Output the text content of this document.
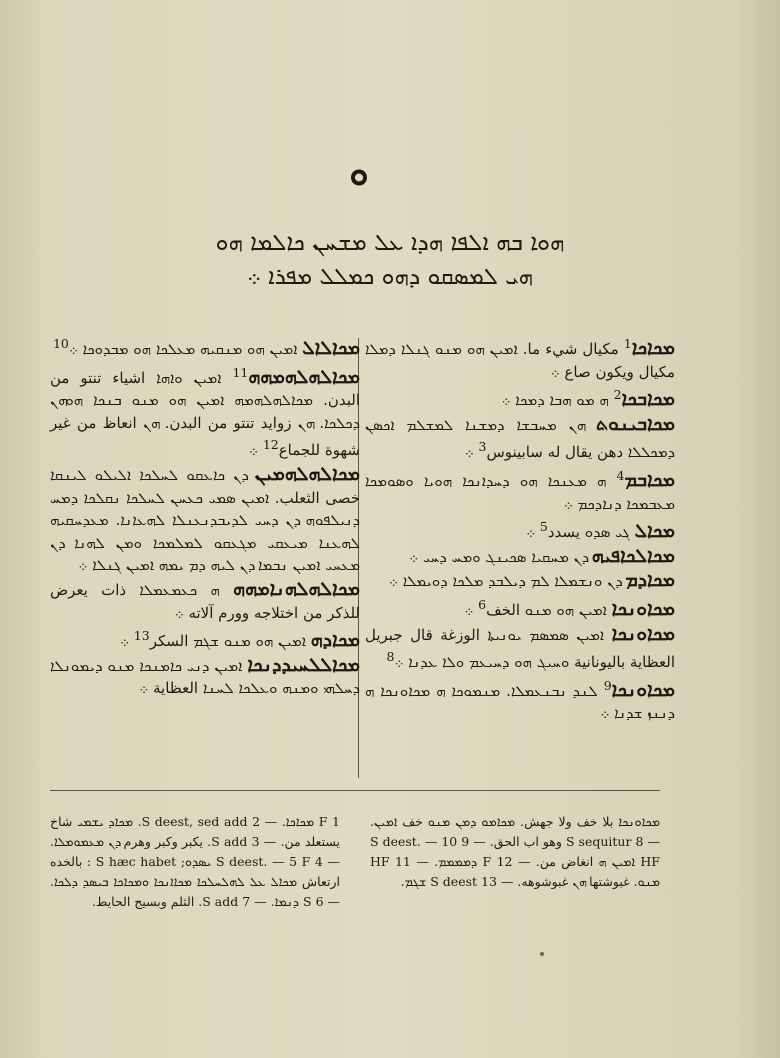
ܘ
ܗܘܐ ܒܗ ܐܠܦܐ ܗܕܐ ܥܠ ܡܫܚܢ ܟܐܠܡܐ ܗܘ
ܗܝ ܠܡܣܩܘ ܕܗܘ ܟܡܠܠ ܡܦܪܐ ܀
ܡܟܐܟܐ$^1$ مكيال شيء ما. ܐܡܝܢ ܗܘ ܡܢܘ ܓܢܠܐ ܕܡܠܐ مكيال ويكون صاع ܀
ܡܟܐܒܟܐ$^2$ ܗ ܡܘ ܗܒܐ ܕܡܟܐ ܀
ܡܟܐܒܝܢܘܬ ܗܢ ܡܚܒܫܐ ܕܡܫܢܐ ܠܡܫܠܡ ܐܟܣܢ ܕܡܟܠܠܐ دهن يقال له سابينوس$^3$ ܀
ܡܟܐܒܡ$^4$ ܗ ܡܥܢܟܐ ܗܘ ܕܚܕܐܢܟܐ ܗܘܝܐ ܘܣܘܡܟܐ ܡܥܒܡܟܐ ܕܢܐܕܟܡ ܀
ܡܟܐܠ ܓܝ ܣܕܘ يسدد$^5$ ܀
ܡܟܐܠܟܐܦܝܗ ܕܢ ܡܚܩܝܐ ܣܟܝܢܓ ܘܡܚ ܕܚܝ ܀
ܡܟܐܕܡ ܕܢ ܘܢܫܡܠܐ ܠܡ ܕܝܠܒܕ ܡܠܟܐ ܕܘܝܡܠܐ ܀
ܡܟܐܘܢܟܐ ܐܡܝܢ ܗܘ ܡܢܘ الخف$^6$ ܀
ܡܟܐܘܢܟܐ ܐܡܝܢ ܣܡܣܡ ܝܘܢܝܬܐ الوزغة قال جبريل العظاية باليونانية ܘܚܝܓ ܗܘ ܕܚܝܥܡ ܘܠܐ ܥܕܢܐ ܀$^8$
ܡܟܐܘܢܟܐ$^9$ ܠܢܕ ܢܒܢܥܡܠܐ. ܡܢܡܘܟܐ ܗ ܡܟܐܘܢܟܐ ܗ ܕܢܢܙ ܫܕܢܐ ܀
ܡܟܐܠܐܠ ܐܡܝܢ ܗܘ ܡܢܩܝܗ ܡܥܠܟܐ ܗܘ ܡܒܕܘܟܐ ܀$^{10}$
ܡܟܐܠܗܠܗܡܗܗ$^{11}$ ܐܡܝܢ ܘܐܗܐ اشياء تنتو من البدن. ܡܟܐܠܗܠܗܡܗ ܐܡܝܢ ܗܘ ܡܢܘ ܒܢܟܐ ܗܘܗܢ ܕܟܠܟܐ. ܗܢ زوايد تنتو من البدن. ܗܢ انعاظ من غير شهوة للجماع$^{12}$ ܀
ܡܟܐܠܗܠܗܡܝܢ ܕܢ ܟܐܥܩܘ ܠܚܠܟܐ ܐܠܝܠܘ ܠܝܢܩܐ خصى الثعلب. ܐܡܝܢ ܣܡܝ ܟܥܚܢ ܠܚܠܟܐ ܢܩܠܟܐ ܕܡܚ ܕܢܝܠܦܘܗ ܕܢ ܕܚܝ ܠܕܝܒܕܢܥܢܠܐ ܠܗܥܐܢܐ. ܡܥܕܚܩܝܗ ܠܗܥܢܐ ܡܝܥܩܝ ܡܓܥܩܘ ܠܡܠܡܟܐ ܘܡܢ ܠܗܢܐ ܕܢ ܡܥܚܝ ܐܡܝܢ ܢܒܡܐ ܕܢ ܠܝܗ ܕܡ ܝܡܗ ܐܡܝܢ ܓܢܠܐ ܀
ܡܟܐܠܗܠܗܢܐܡܗܗ ܗ ܟܥܡܥܡܠܐ ذات يعرض للذكر من اختلاجه وورم آلاته ܀
ܡܟܐܕܗ ܐܡܝܢ ܗܘ ܡܢܘ ܫܓܡ السكر$^{13}$ ܀
ܡܟܐܠܠܚܝܕܕܢܟܐ ܐܡܝܢ ܕܢܝ ܟܐܡܢܟܐ ܡܢܘ ܕܝܡܘܢܠܐ ܕܚܠܗܝ ܘܡܢܗ ܘܥܠܟܐ ܠܚܢܐ العظاية ܀
ܡܟܐܘܢܟܐ بلا خف ولا جهش. ܡܟܐܡܘ ܕܡܢ ܡܢܘ خف ܐܡܝܢ. — 8 S sequitur وهو اب الحق. — 9 S deest. — 10 HF ܐܡܝܢ ܗ انغاض من. — 12 F ܕܡܡܡܡ. — 11 HF ܡܢܘ. غبوشتها ܗܢ غبوشوهه. — 13 S deest ܫܓܡ.
1 F ܡܟܐܟܐ. — 2 S deest, sed add. ܡܟܐܕ ܝܫܡܝ شاخ يستعلد من. — 3 S add. يكبر وكبر وهرم ܕܢ ܡܥܡܘܡܠܐ. — 4 S deest. — 5 F ܝܣܕܘ; S hæc habet : بالخده ارتعاش ܡܟܐܠ ܥܠ ܠܗܠܚܠܟܐ ܡܟܐܐܢܟܐ ܘܡܟܐܟܐ ܒܝܣܕ ܕܠܟܐ. — 6 S ܕܢܡܐ. — 7 S add. الثلم وبسيج الحايط.
